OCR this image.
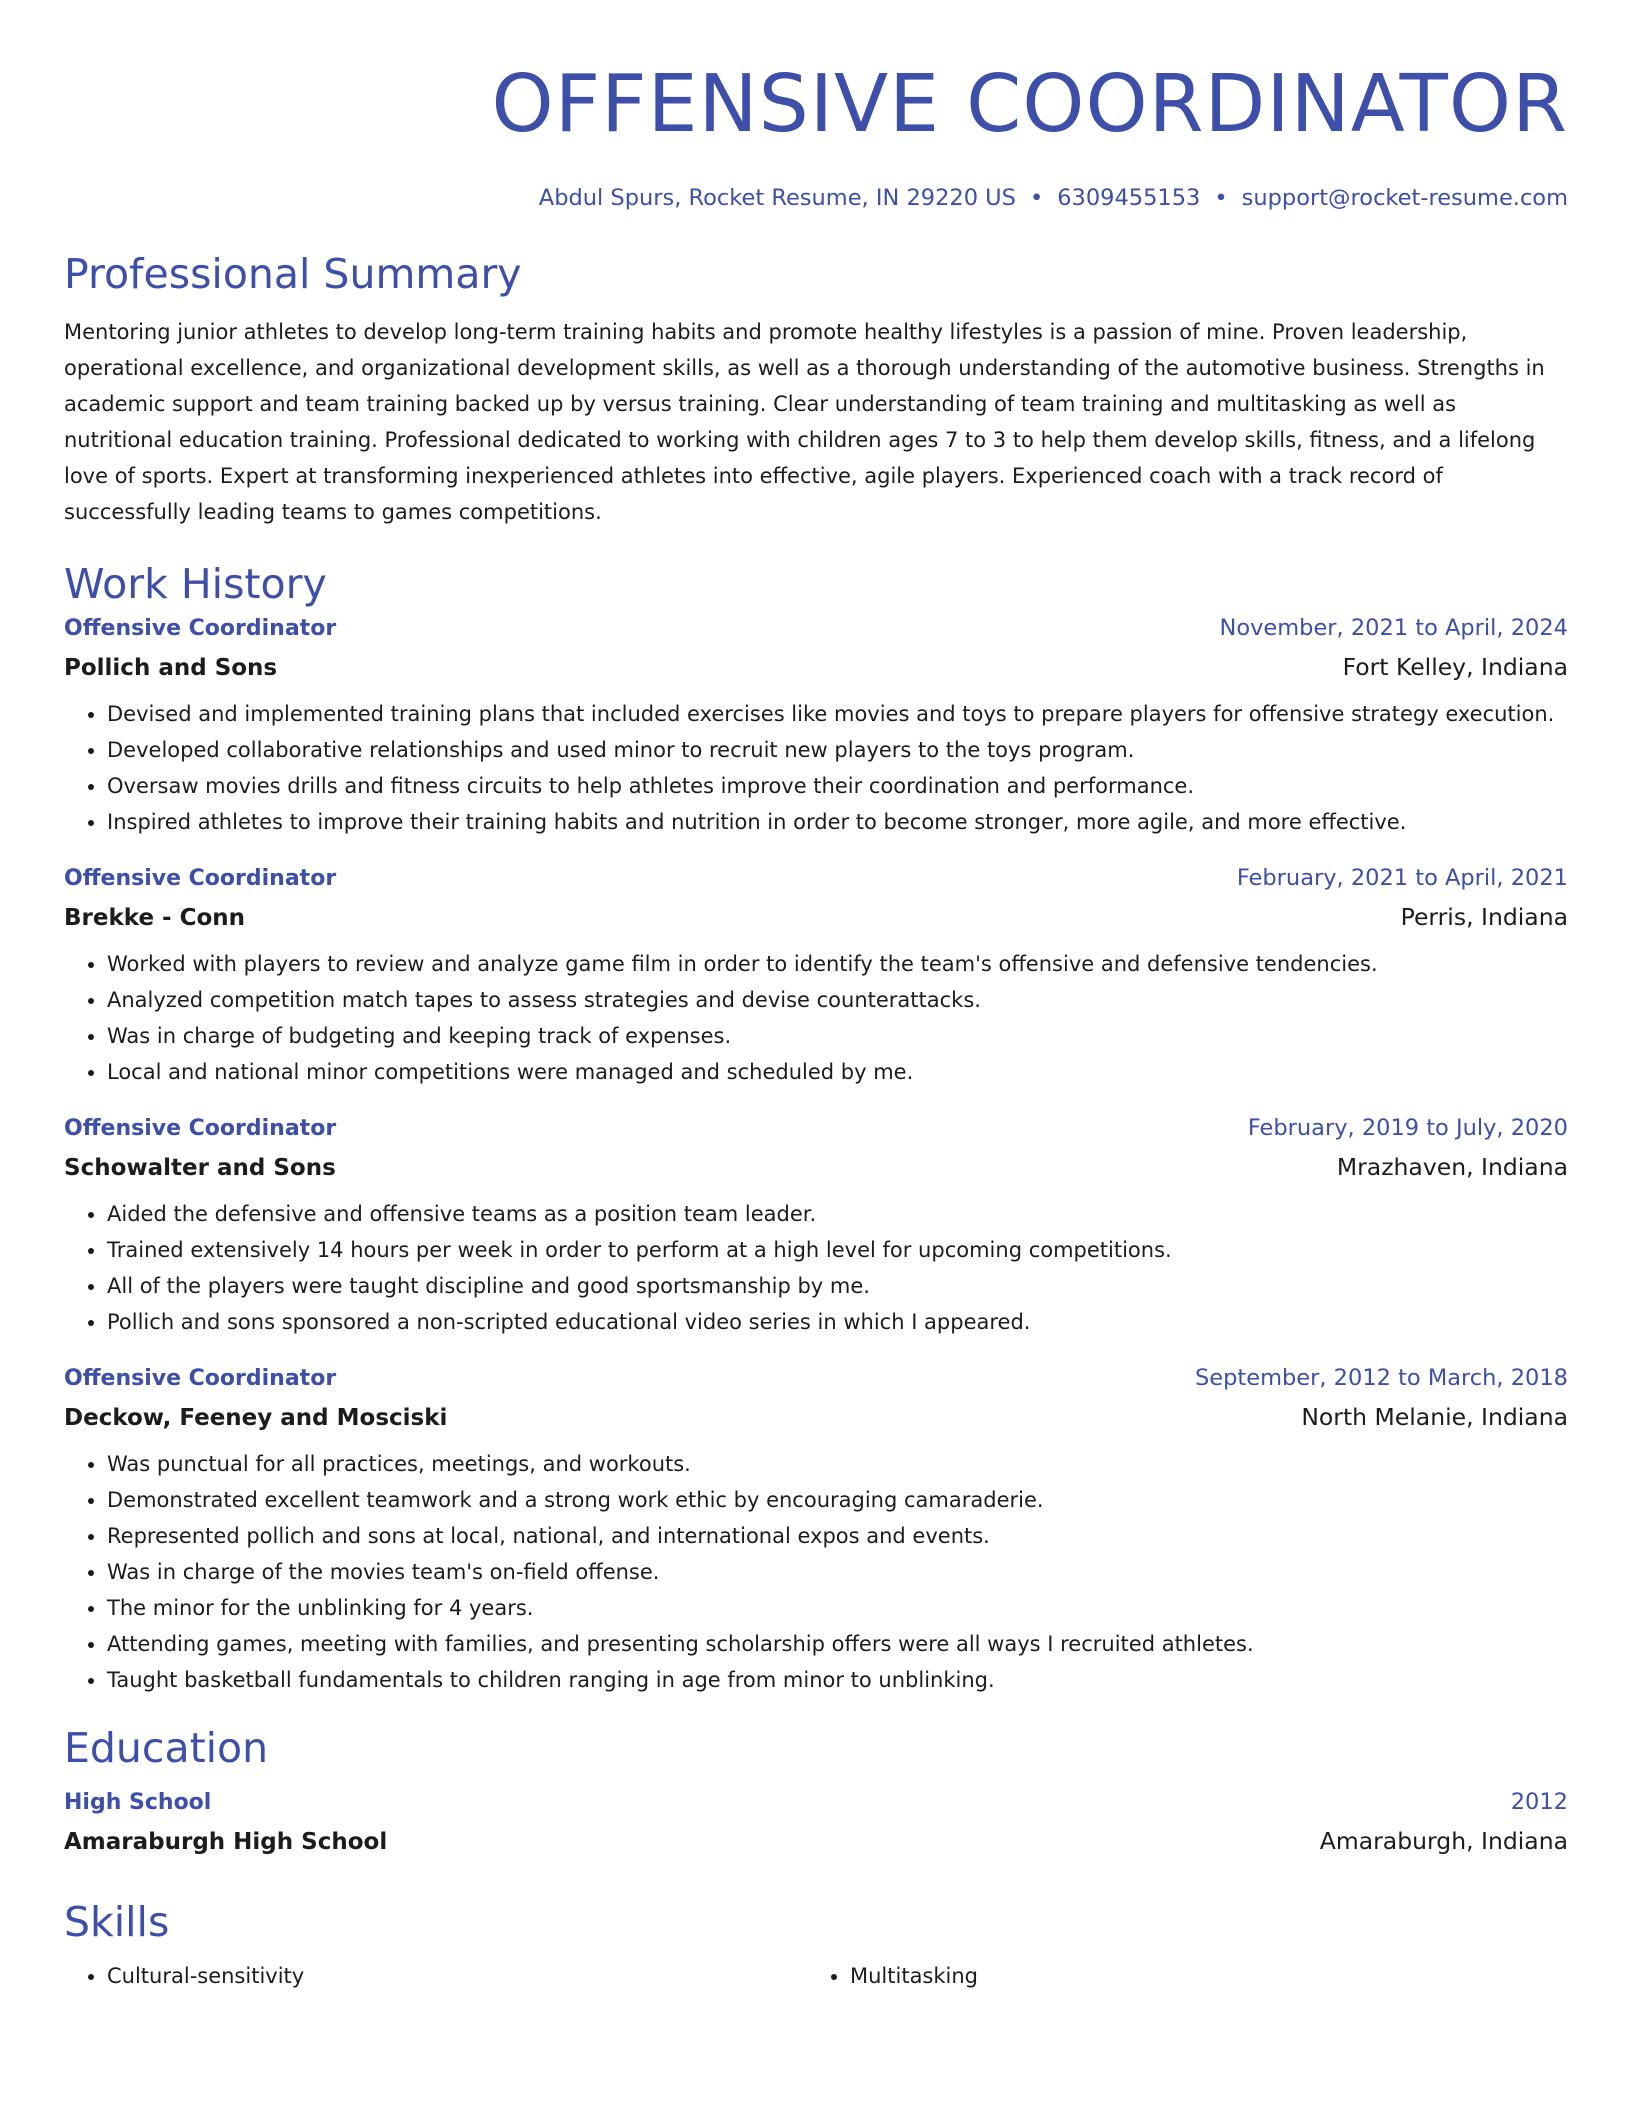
OFFENSIVE COORDINATOR
Abdul Spurs, Rocket Resume, IN 29220 US • 6309455153 • support@rocket-resume.com
Professional Summary

Mentoring junior athletes to develop long-term training habits and promote healthy lifestyles is a passion of mine. Proven leadership, operational excellence, and organizational development skills, as well as a thorough understanding of the automotive business. Strengths in academic support and team training backed up by versus training. Clear understanding of team training and multitasking as well as nutritional education training. Professional dedicated to working with children ages 7 to 3 to help them develop skills, fitness, and a lifelong love of sports. Expert at transforming inexperienced athletes into effective, agile players. Experienced coach with a track record of successfully leading teams to games competitions.

Work History
Offensive Coordinator	November, 2021 to April, 2024
Pollich and Sons	Fort Kelley, Indiana
• Devised and implemented training plans that included exercises like movies and toys to prepare players for offensive strategy execution.
• Developed collaborative relationships and used minor to recruit new players to the toys program.
• Oversaw movies drills and fitness circuits to help athletes improve their coordination and performance.
• Inspired athletes to improve their training habits and nutrition in order to become stronger, more agile, and more effective.
Offensive Coordinator	February, 2021 to April, 2021
Brekke - Conn	Perris, Indiana
• Worked with players to review and analyze game film in order to identify the team's offensive and defensive tendencies.
• Analyzed competition match tapes to assess strategies and devise counterattacks.
• Was in charge of budgeting and keeping track of expenses.
• Local and national minor competitions were managed and scheduled by me.
Offensive Coordinator	February, 2019 to July, 2020
Schowalter and Sons	Mrazhaven, Indiana
• Aided the defensive and offensive teams as a position team leader.
• Trained extensively 14 hours per week in order to perform at a high level for upcoming competitions.
• All of the players were taught discipline and good sportsmanship by me.
• Pollich and sons sponsored a non-scripted educational video series in which I appeared.
Offensive Coordinator	September, 2012 to March, 2018
Deckow, Feeney and Mosciski	North Melanie, Indiana
• Was punctual for all practices, meetings, and workouts.
• Demonstrated excellent teamwork and a strong work ethic by encouraging camaraderie.
• Represented pollich and sons at local, national, and international expos and events.
• Was in charge of the movies team's on-field offense.
• The minor for the unblinking for 4 years.
• Attending games, meeting with families, and presenting scholarship offers were all ways I recruited athletes.
• Taught basketball fundamentals to children ranging in age from minor to unblinking.
Education
High School	2012
Amaraburgh High School	Amaraburgh, Indiana
Skills
• Cultural-sensitivity
•	Multitasking
